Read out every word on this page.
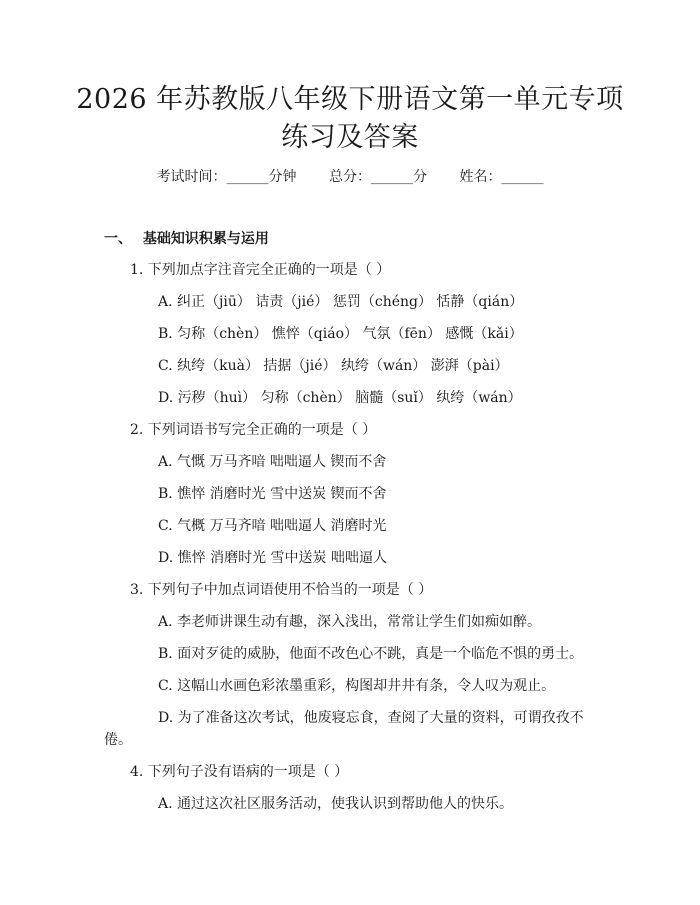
2026 年苏教版八年级下册语文第一单元专项
练习及答案
考试时间：______分钟 总分：______分 姓名：______
一、 基础知识积累与运用
1. 下列加点字注音完全正确的一项是（ ）
A. 纠正（jiū） 诘责（jié） 惩罚（chéng） 恬静（qián）
B. 匀称（chèn） 憔悴（qiáo） 气氛（fēn） 感慨（kǎi）
C. 纨绔（kuà） 拮据（jié） 纨绔（wán） 澎湃（pài）
D. 污秽（huì） 匀称（chèn） 脑髓（suǐ） 纨绔（wán）
2. 下列词语书写完全正确的一项是（ ）
A. 气慨 万马齐喑 咄咄逼人 锲而不舍
B. 憔悴 消磨时光 雪中送炭 锲而不舍
C. 气概 万马齐喑 咄咄逼人 消磨时光
D. 憔悴 消磨时光 雪中送炭 咄咄逼人
3. 下列句子中加点词语使用不恰当的一项是（ ）
A. 李老师讲课生动有趣，深入浅出，常常让学生们如痴如醉。
B. 面对歹徒的威胁，他面不改色心不跳，真是一个临危不惧的勇士。
C. 这幅山水画色彩浓墨重彩，构图却井井有条，令人叹为观止。
D. 为了准备这次考试，他废寝忘食，查阅了大量的资料，可谓孜孜不
倦。
4. 下列句子没有语病的一项是（ ）
A. 通过这次社区服务活动，使我认识到帮助他人的快乐。
